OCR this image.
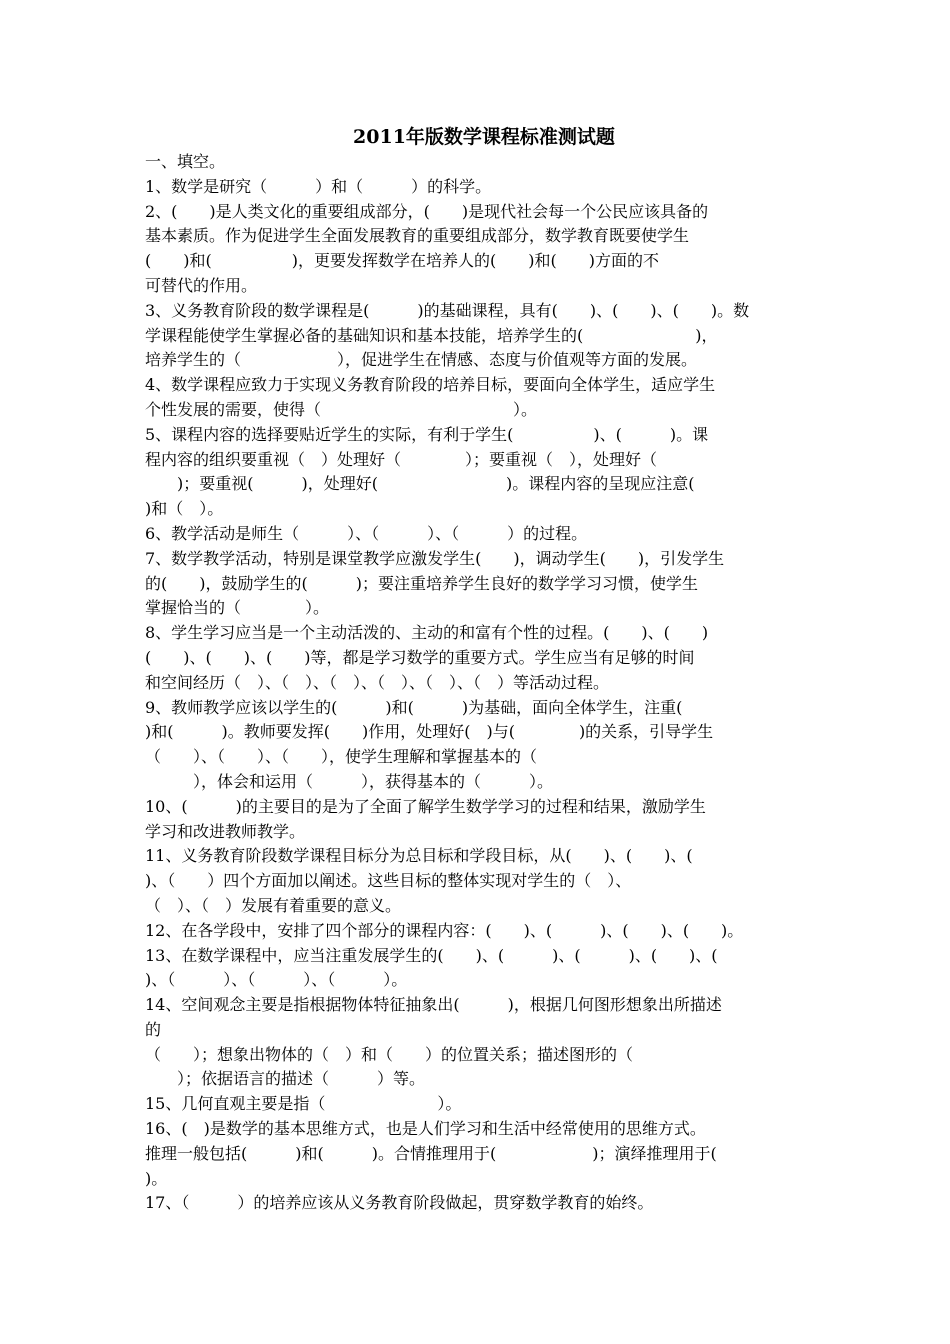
2011年版数学课程标准测试题
一、填空。
1、数学是研究（　　　）和（　　　）的科学。
2、(　　)是人类文化的重要组成部分，(　　)是现代社会每一个公民应该具备的
基本素质。作为促进学生全面发展教育的重要组成部分，数学教育既要使学生
(　　)和(　　　　　)，更要发挥数学在培养人的(　　)和(　　)方面的不
可替代的作用。
3、义务教育阶段的数学课程是(　　　)的基础课程，具有(　　)、(　　)、(　　)。数
学课程能使学生掌握必备的基础知识和基本技能，培养学生的(　　　　　　　)，
培养学生的（　　　　　　），促进学生在情感、态度与价值观等方面的发展。
4、数学课程应致力于实现义务教育阶段的培养目标，要面向全体学生，适应学生
个性发展的需要，使得（　　　　　　　　　　　　）。
5、课程内容的选择要贴近学生的实际，有利于学生(　　　　　)、(　　　)。课
程内容的组织要重视（　）处理好（　　　　）；要重视（　），处理好（
　　)；要重视(　　　)，处理好(　　　　　　　　)。课程内容的呈现应注意(
)和（　）。
6、教学活动是师生（　　　）、（　　　）、（　　　）的过程。
7、数学教学活动，特别是课堂教学应激发学生(　　)，调动学生(　　)，引发学生
的(　　)，鼓励学生的(　　　)；要注重培养学生良好的数学学习习惯，使学生
掌握恰当的（　　　　）。
8、学生学习应当是一个主动活泼的、主动的和富有个性的过程。(　　)、(　　)
(　　)、(　　)、(　　)等，都是学习数学的重要方式。学生应当有足够的时间
和空间经历（　）、（　）、（　）、（　）、（　）、（　）等活动过程。
9、教师教学应该以学生的(　　　)和(　　　)为基础，面向全体学生，注重(
)和(　　　)。教师要发挥(　　)作用，处理好(　)与(　　　　)的关系，引导学生
（　　）、（　　）、（　　），使学生理解和掌握基本的（
　　　），体会和运用（　　　），获得基本的（　　　）。
10、(　　　)的主要目的是为了全面了解学生数学学习的过程和结果，激励学生
学习和改进教师教学。
11、义务教育阶段数学课程目标分为总目标和学段目标，从(　　)、(　　)、(
)、（　　）四个方面加以阐述。这些目标的整体实现对学生的（　）、
（　）、（　）发展有着重要的意义。
12、在各学段中，安排了四个部分的课程内容：(　　)、(　　　)、(　　)、(　　)。
13、在数学课程中，应当注重发展学生的(　　)、(　　　)、(　　　)、(　　)、(
)、（　　　）、（　　　）、（　　　）。
14、空间观念主要是指根据物体特征抽象出(　　　)，根据几何图形想象出所描述
的
（　　）；想象出物体的（　）和（　　）的位置关系；描述图形的（
　　）；依据语言的描述（　　　）等。
15、几何直观主要是指（　　　　　　　）。
16、(　)是数学的基本思维方式，也是人们学习和生活中经常使用的思维方式。
推理一般包括(　　　)和(　　　)。合情推理用于(　　　　　　)；演绎推理用于(
)。
17、（　　　）的培养应该从义务教育阶段做起，贯穿数学教育的始终。
